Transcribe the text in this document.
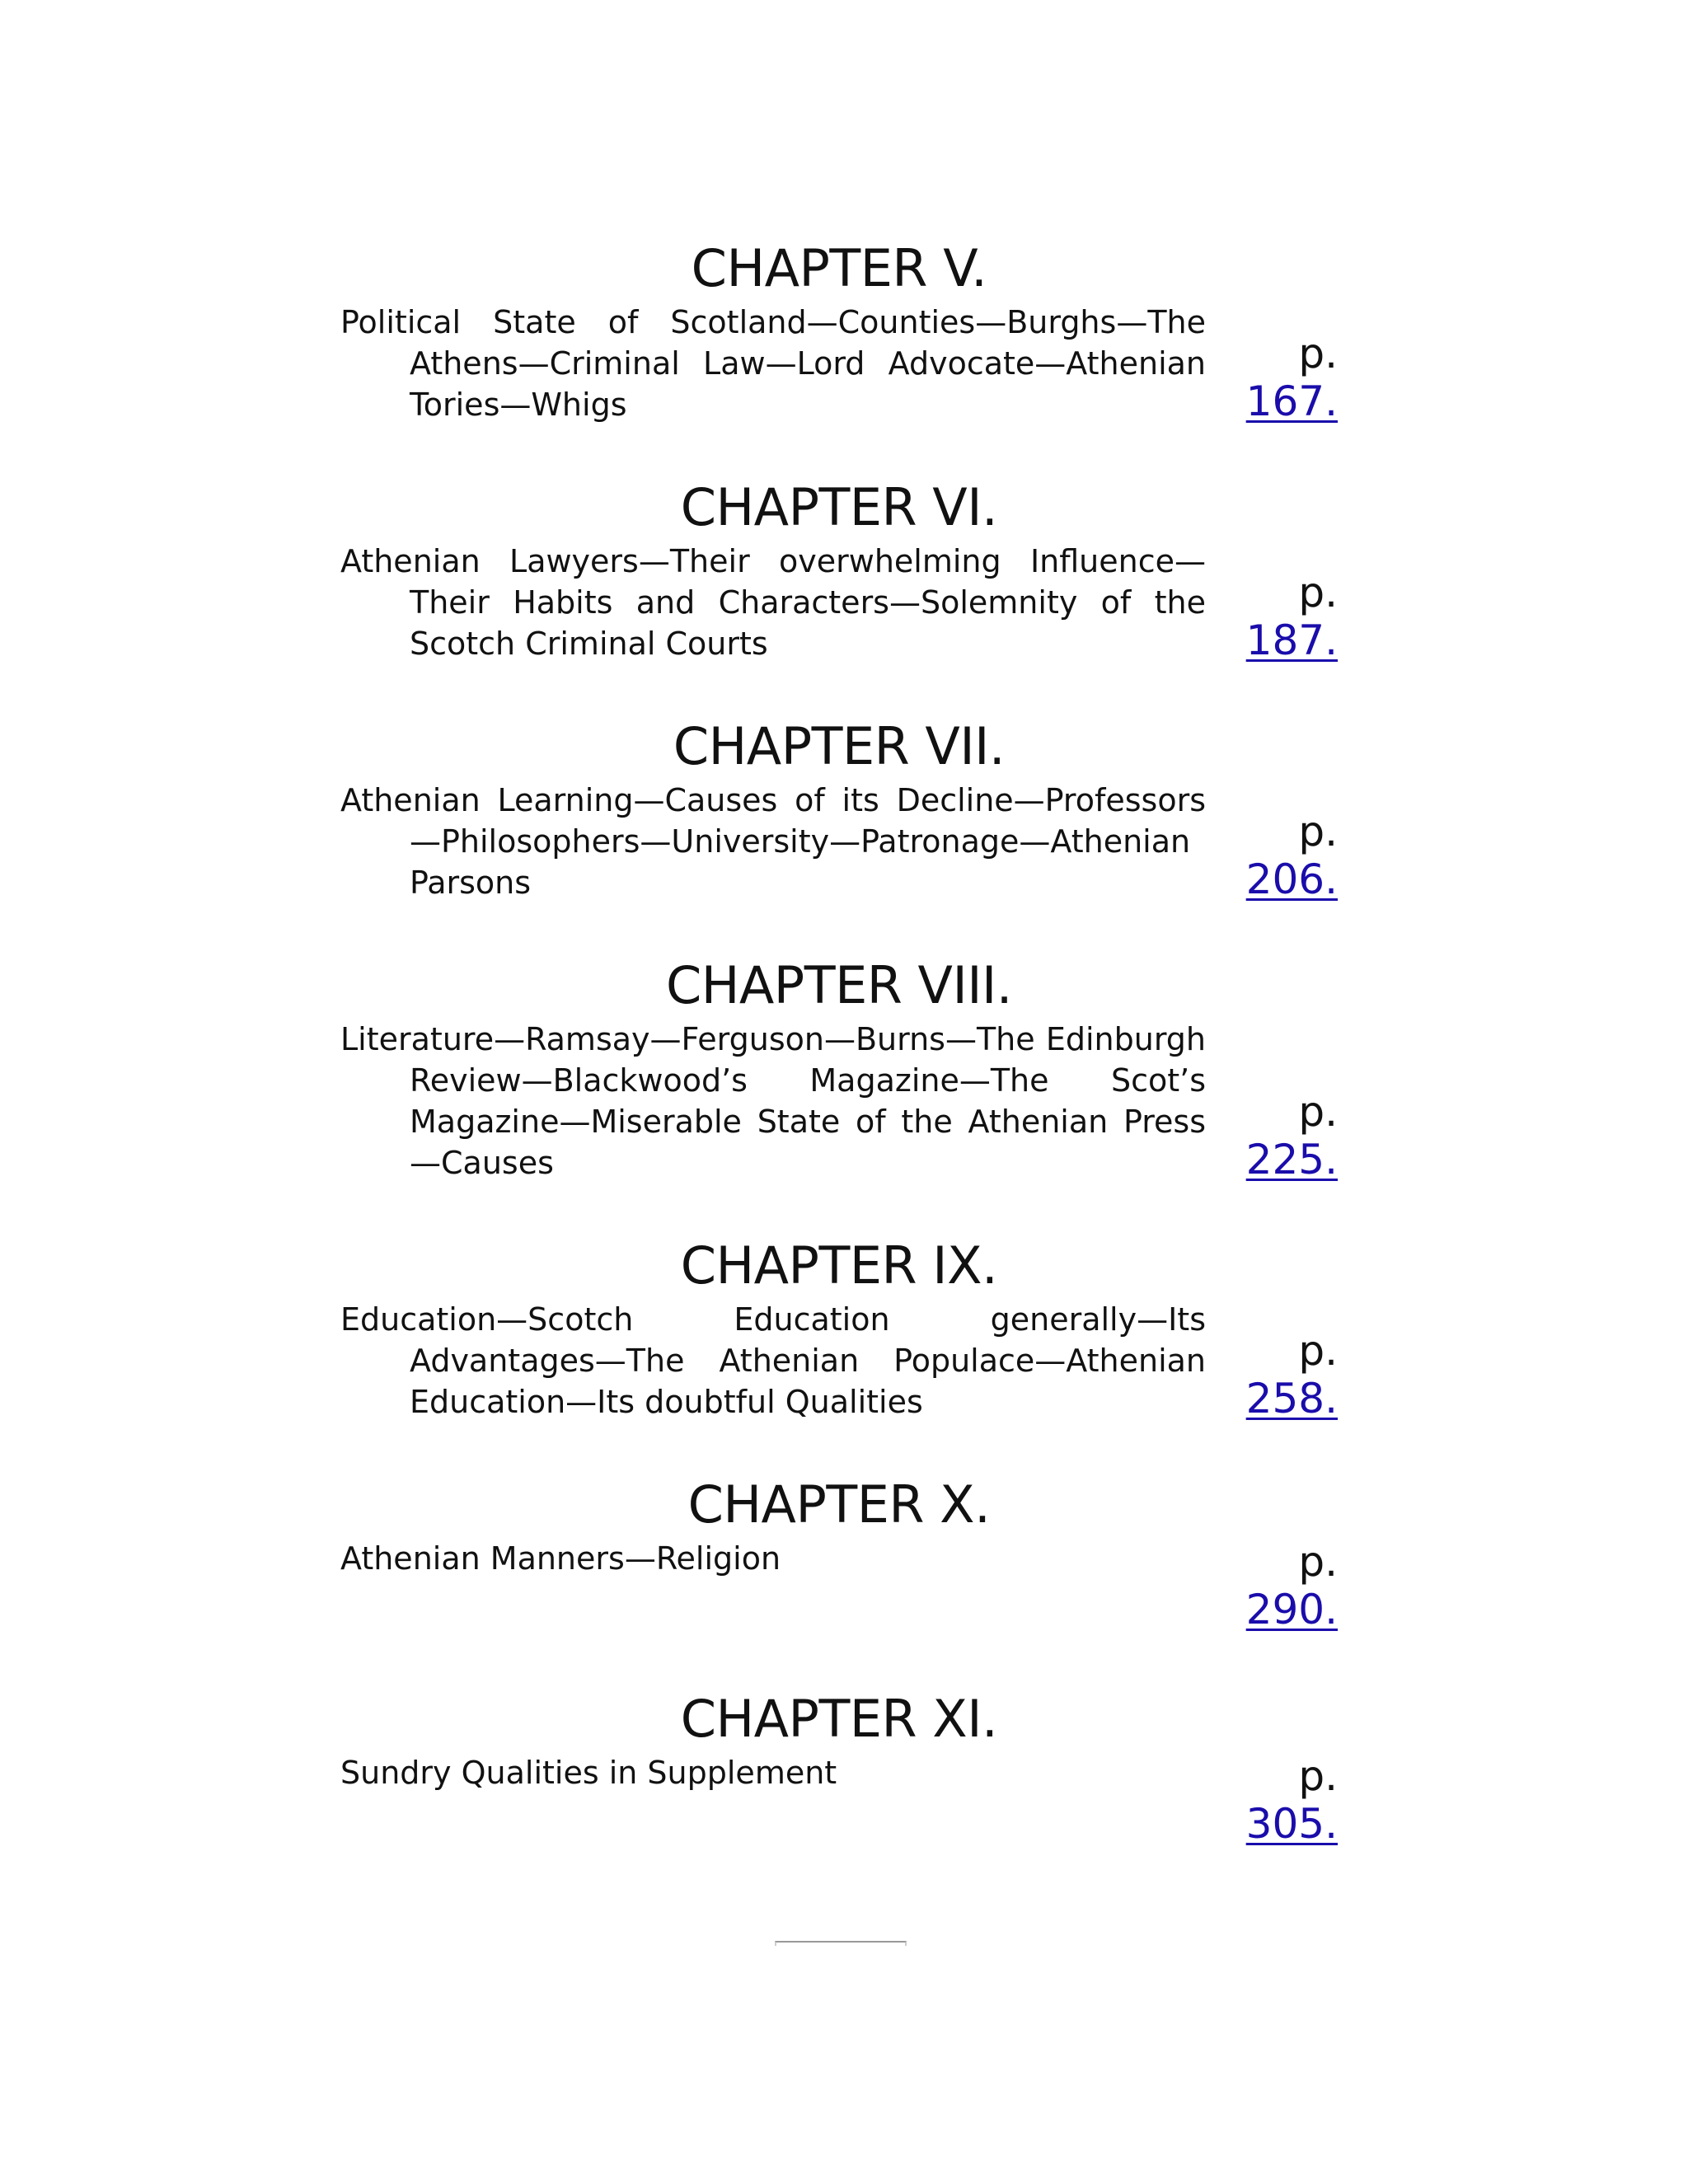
CHAPTER V.

Political State of Scotland—Counties—Burghs—The Athens—Criminal Law—Lord Advocate—Athenian Tories—Whigs

p.
167.
CHAPTER VI.

Athenian Lawyers—Their overwhelming Influence—Their Habits and Characters—Solemnity of the Scotch Criminal Courts

p.
187.
CHAPTER VII.

Athenian Learning—Causes of its Decline—Professors—Philosophers—University—Patronage—Athenian Parsons

p.
206.
CHAPTER VIII.

Literature—Ramsay—Ferguson—Burns—The Edinburgh Review—Blackwood’s Magazine—The Scot’s Magazine—Miserable State of the Athenian Press—Causes

p.
225.
CHAPTER IX.

Education—Scotch Education generally—Its Advantages—The Athenian Populace—Athenian Education—Its doubtful Qualities

p.
258.
CHAPTER X.

Athenian Manners—Religion	p.
290.
CHAPTER XI.

Sundry Qualities in Supplement	p.
305.
